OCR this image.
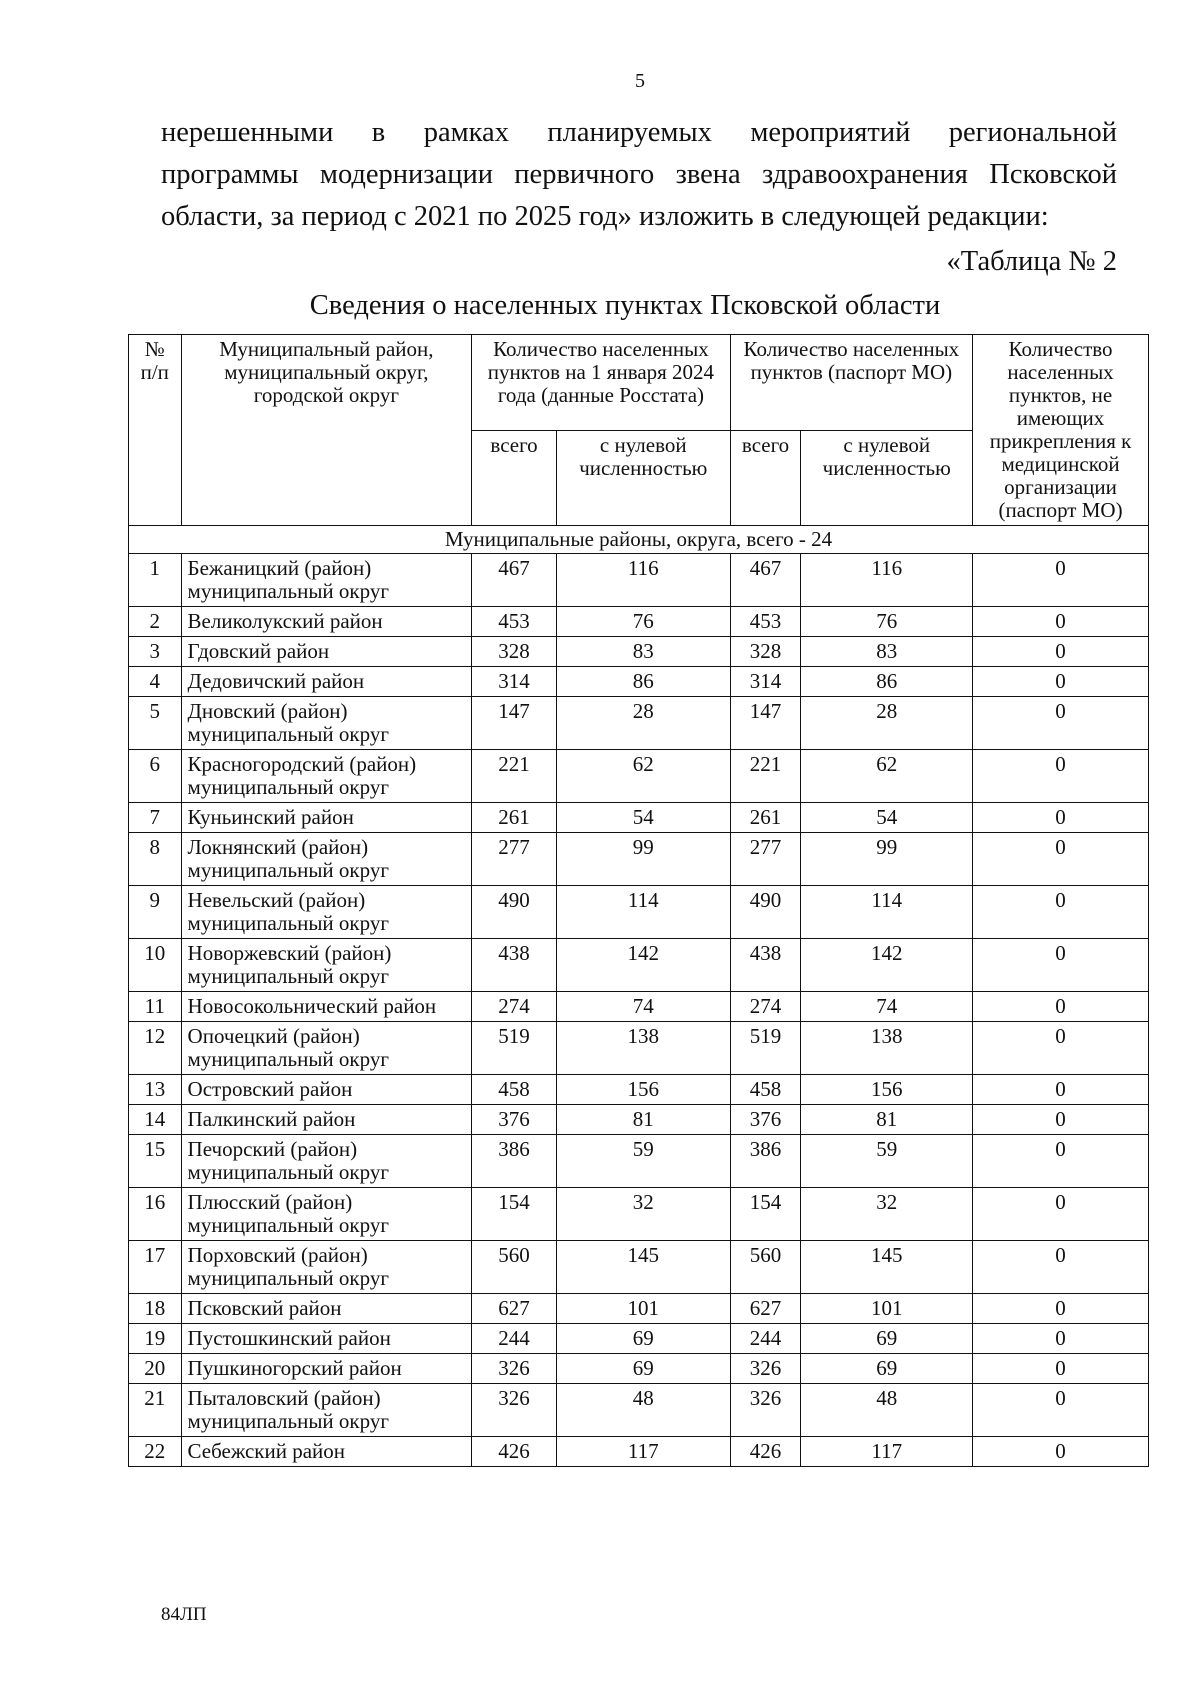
5

нерешенными в рамках планируемых мероприятий региональной

программы модернизации первичного звена здравоохранения Псковской

области, за период с 2021 по 2025 год» изложить в следующей редакции:

«Таблица № 2
Сведения о населенных пунктах Псковской области
№ п/п	Муниципальный район, муниципальный округ, городской округ	Количество населенных пунктов на 1 января 2024 года (данные Росстата)		Количество населенных пунктов (паспорт МО)		Количество населенных пунктов, не имеющих прикрепления к медицинской организации (паспорт МО)
		всего	с нулевой численностью	всего	с нулевой численностью	
Муниципальные районы, округа, всего - 24						
1	Бежаницкий (район) муниципальный округ	467	116	467	116	0
2	Великолукский район	453	76	453	76	0
3	Гдовский район	328	83	328	83	0
4	Дедовичский район	314	86	314	86	0
5	Дновский (район) муниципальный округ	147	28	147	28	0
6	Красногородский (район) муниципальный округ	221	62	221	62	0
7	Куньинский район	261	54	261	54	0
8	Локнянский (район) муниципальный округ	277	99	277	99	0
9	Невельский (район) муниципальный округ	490	114	490	114	0
10	Новоржевский (район) муниципальный округ	438	142	438	142	0
11	Новосокольнический район	274	74	274	74	0
12	Опочецкий (район) муниципальный округ	519	138	519	138	0
13	Островский район	458	156	458	156	0
14	Палкинский район	376	81	376	81	0
15	Печорский (район) муниципальный округ	386	59	386	59	0
16	Плюсский (район) муниципальный округ	154	32	154	32	0
17	Порховский (район) муниципальный округ	560	145	560	145	0
18	Псковский район	627	101	627	101	0
19	Пустошкинский район	244	69	244	69	0
20	Пушкиногорский район	326	69	326	69	0
21	Пыталовский (район) муниципальный округ	326	48	326	48	0
22	Себежский район	426	117	426	117	0
84ЛП
